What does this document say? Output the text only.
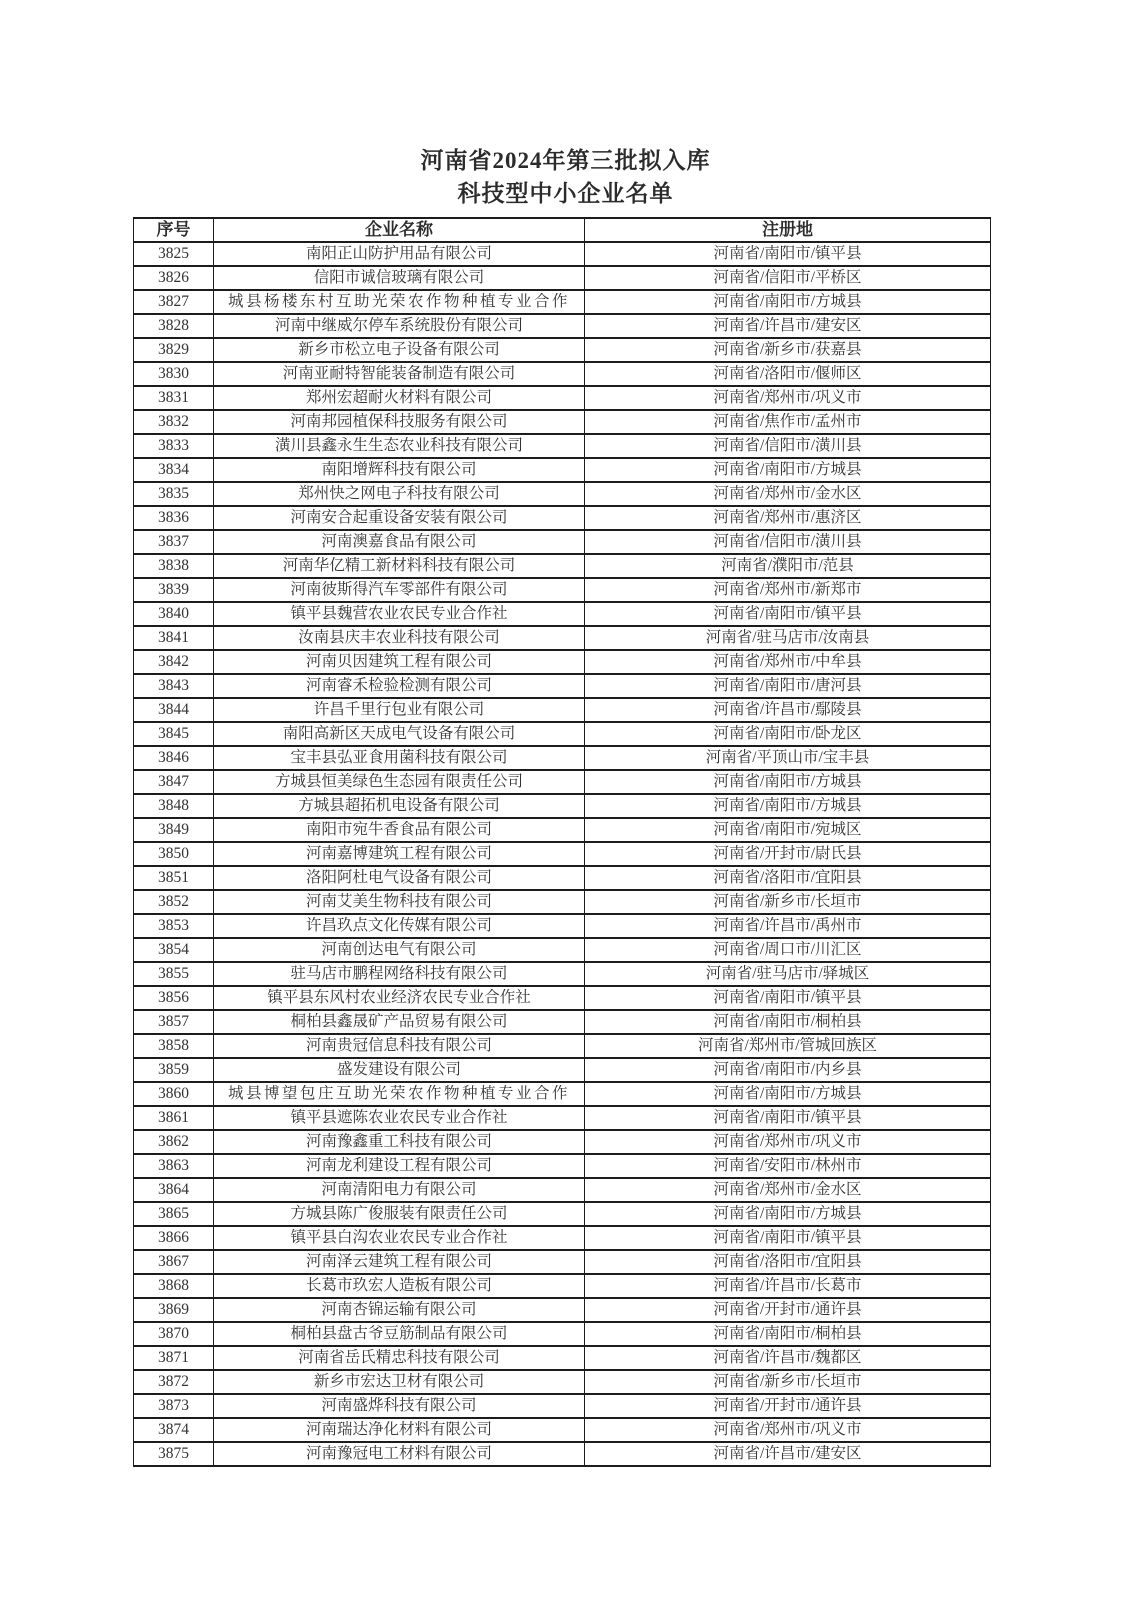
河南省2024年第三批拟入库
科技型中小企业名单
序号	企业名称	注册地
3825	南阳正山防护用品有限公司	河南省/南阳市/镇平县
3826	信阳市诚信玻璃有限公司	河南省/信阳市/平桥区
3827	城县杨楼东村互助光荣农作物种植专业合作	河南省/南阳市/方城县
3828	河南中继威尔停车系统股份有限公司	河南省/许昌市/建安区
3829	新乡市松立电子设备有限公司	河南省/新乡市/获嘉县
3830	河南亚耐特智能装备制造有限公司	河南省/洛阳市/偃师区
3831	郑州宏超耐火材料有限公司	河南省/郑州市/巩义市
3832	河南邦园植保科技服务有限公司	河南省/焦作市/孟州市
3833	潢川县鑫永生生态农业科技有限公司	河南省/信阳市/潢川县
3834	南阳增辉科技有限公司	河南省/南阳市/方城县
3835	郑州快之网电子科技有限公司	河南省/郑州市/金水区
3836	河南安合起重设备安装有限公司	河南省/郑州市/惠济区
3837	河南澳嘉食品有限公司	河南省/信阳市/潢川县
3838	河南华亿精工新材料科技有限公司	河南省/濮阳市/范县
3839	河南彼斯得汽车零部件有限公司	河南省/郑州市/新郑市
3840	镇平县魏营农业农民专业合作社	河南省/南阳市/镇平县
3841	汝南县庆丰农业科技有限公司	河南省/驻马店市/汝南县
3842	河南贝因建筑工程有限公司	河南省/郑州市/中牟县
3843	河南睿禾检验检测有限公司	河南省/南阳市/唐河县
3844	许昌千里行包业有限公司	河南省/许昌市/鄢陵县
3845	南阳高新区天成电气设备有限公司	河南省/南阳市/卧龙区
3846	宝丰县弘亚食用菌科技有限公司	河南省/平顶山市/宝丰县
3847	方城县恒美绿色生态园有限责任公司	河南省/南阳市/方城县
3848	方城县超拓机电设备有限公司	河南省/南阳市/方城县
3849	南阳市宛牛香食品有限公司	河南省/南阳市/宛城区
3850	河南嘉博建筑工程有限公司	河南省/开封市/尉氏县
3851	洛阳阿杜电气设备有限公司	河南省/洛阳市/宜阳县
3852	河南艾美生物科技有限公司	河南省/新乡市/长垣市
3853	许昌玖点文化传媒有限公司	河南省/许昌市/禹州市
3854	河南创达电气有限公司	河南省/周口市/川汇区
3855	驻马店市鹏程网络科技有限公司	河南省/驻马店市/驿城区
3856	镇平县东风村农业经济农民专业合作社	河南省/南阳市/镇平县
3857	桐柏县鑫晟矿产品贸易有限公司	河南省/南阳市/桐柏县
3858	河南贵冠信息科技有限公司	河南省/郑州市/管城回族区
3859	盛发建设有限公司	河南省/南阳市/内乡县
3860	城县博望包庄互助光荣农作物种植专业合作	河南省/南阳市/方城县
3861	镇平县遮陈农业农民专业合作社	河南省/南阳市/镇平县
3862	河南豫鑫重工科技有限公司	河南省/郑州市/巩义市
3863	河南龙利建设工程有限公司	河南省/安阳市/林州市
3864	河南清阳电力有限公司	河南省/郑州市/金水区
3865	方城县陈广俊服装有限责任公司	河南省/南阳市/方城县
3866	镇平县白沟农业农民专业合作社	河南省/南阳市/镇平县
3867	河南泽云建筑工程有限公司	河南省/洛阳市/宜阳县
3868	长葛市玖宏人造板有限公司	河南省/许昌市/长葛市
3869	河南杏锦运输有限公司	河南省/开封市/通许县
3870	桐柏县盘古爷豆筋制品有限公司	河南省/南阳市/桐柏县
3871	河南省岳氏精忠科技有限公司	河南省/许昌市/魏都区
3872	新乡市宏达卫材有限公司	河南省/新乡市/长垣市
3873	河南盛烨科技有限公司	河南省/开封市/通许县
3874	河南瑞达净化材料有限公司	河南省/郑州市/巩义市
3875	河南豫冠电工材料有限公司	河南省/许昌市/建安区
